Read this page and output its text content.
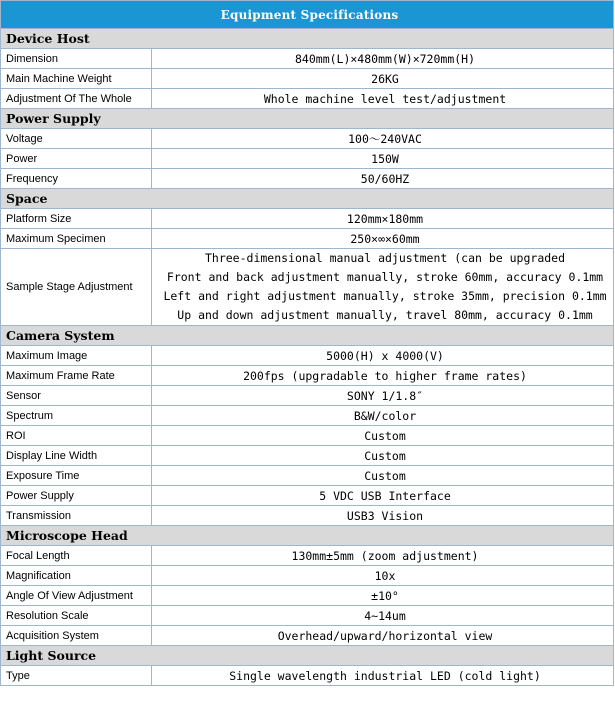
Equipment Specifications	
Device Host	
Dimension	840mm(L)×480mm(W)×720mm(H)
Main Machine Weight	26KG
Adjustment Of The Whole	Whole machine level test/adjustment
Power Supply	
Voltage	100～240VAC
Power	150W
Frequency	50/60HZ
Space	
Platform Size	120mm×180mm
Maximum Specimen	250×∞×60mm
Sample Stage Adjustment	Three-dimensional manual adjustment (can be upgraded
Front and back adjustment manually, stroke 60mm, accuracy 0.1mm
Left and right adjustment manually, stroke 35mm, precision 0.1mm
Up and down adjustment manually, travel 80mm, accuracy 0.1mm

Camera System	
Maximum Image	5000(H) x 4000(V)
Maximum Frame Rate	200fps (upgradable to higher frame rates)
Sensor	SONY 1/1.8″
Spectrum	B&W/color
ROI	Custom
Display Line Width	Custom
Exposure Time	Custom
Power Supply	5 VDC USB Interface
Transmission	USB3 Vision
Microscope Head	
Focal Length	130mm±5mm (zoom adjustment)
Magnification	10x
Angle Of View Adjustment	±10°
Resolution Scale	4~14um
Acquisition System	Overhead/upward/horizontal view
Light Source	
Type	Single wavelength industrial LED (cold light)
